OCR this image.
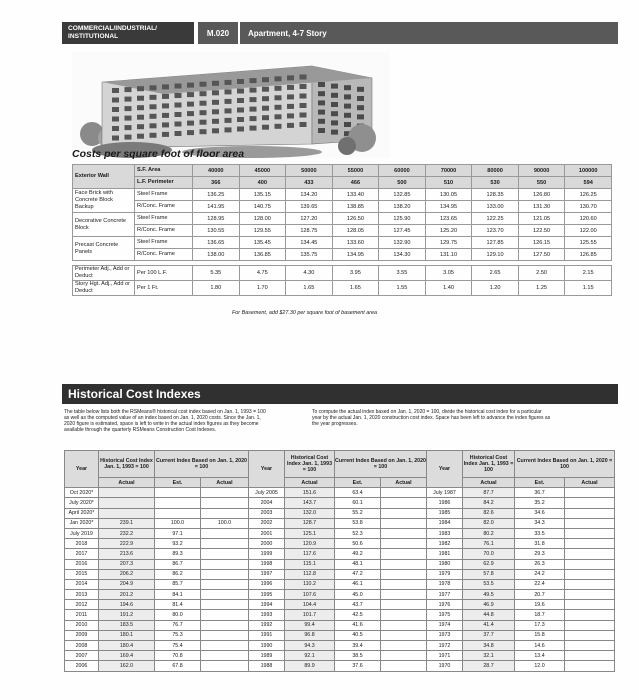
COMMERCIAL/INDUSTRIAL/ INSTITUTIONAL	M.020	Apartment, 4-7 Story
Costs per square foot of floor area
Exterior Wall	S.F. Area	40000	45000	50000	55000	60000	70000	80000	90000	100000
	L.F. Perimeter	366	400	433	466	500	510	530	550	594
Face Brick with Concrete Block Backup	Steel Frame	136.25	135.15	134.20	133.40	132.85	130.05	128.35	126.80	126.25
	R/Conc. Frame	141.95	140.75	139.65	138.85	138.20	134.95	133.00	131.30	130.70
Decorative Concrete Block	Steel Frame	128.95	128.00	127.20	126.50	125.90	123.65	122.25	121.05	120.60
	R/Conc. Frame	130.55	129.55	128.75	128.05	127.45	125.20	123.70	122.50	122.00
Precast Concrete Panels	Steel Frame	136.65	135.45	134.45	133.60	132.90	129.75	127.85	126.15	125.55
	R/Conc. Frame	138.00	136.85	135.75	134.95	134.30	131.10	129.10	127.50	126.85

Perimeter Adj., Add or Deduct	Per 100 L.F.	5.35	4.75	4.30	3.95	3.55	3.05	2.65	2.50	2.15
Story Hgt. Adj., Add or Deduct	Per 1 Ft.	1.80	1.70	1.65	1.65	1.55	1.40	1.20	1.25	1.15
For Basement, add $27.30 per square foot of basement area
Historical Cost Indexes
The table below lists both the RSMeans® historical cost index based on Jan. 1, 1993 = 100 as well as the computed value of an index based on Jan. 1, 2020 costs. Since the Jan. 1, 2020 figure is estimated, space is left to write in the actual index figures as they become available through the quarterly RSMeans Construction Cost Indexes.
To compute the actual index based on Jan. 1, 2020 = 100, divide the historical cost index for a particular year by the actual Jan. 1, 2020 construction cost index. Space has been left to advance the index figures as the year progresses.
Year	Historical Cost Index Jan. 1, 1993 = 100	Current Index Based on Jan. 1, 2020 = 100	
	Actual	Est.	Actual
Oct 2020*			
July 2020*			
April 2020*			
Jan 2020*	239.1	100.0	100.0
July 2019	232.2	97.1	
2018	222.9	93.2	
2017	213.6	89.3	
2016	207.3	86.7	
2015	206.2	86.2	
2014	204.9	85.7	
2013	201.2	84.1	
2012	194.6	81.4	
2011	191.2	80.0	
2010	183.5	76.7	
2009	180.1	75.3	
2008	180.4	75.4	
2007	169.4	70.8	
2006	162.0	67.8	
Year	Historical Cost Index Jan. 1, 1993 = 100	Current Index Based on Jan. 1, 2020 = 100	
	Actual	Est.	Actual
July 2005	151.6	63.4	
2004	143.7	60.1	
2003	132.0	55.2	
2002	128.7	53.8	
2001	125.1	52.3	
2000	120.9	50.6	
1999	117.6	49.2	
1998	115.1	48.1	
1997	112.8	47.2	
1996	110.2	46.1	
1995	107.6	45.0	
1994	104.4	43.7	
1993	101.7	42.5	
1992	99.4	41.6	
1991	96.8	40.5	
1990	94.3	39.4	
1989	92.1	38.5	
1988	89.9	37.6	
Year	Historical Cost Index Jan. 1, 1993 = 100	Current Index Based on Jan. 1, 2020 = 100	
	Actual	Est.	Actual
July 1987	87.7	36.7	
1986	84.2	35.2	
1985	82.6	34.6	
1984	82.0	34.3	
1983	80.2	33.5	
1982	76.1	31.8	
1981	70.0	29.3	
1980	62.9	26.3	
1979	57.8	24.2	
1978	53.5	22.4	
1977	49.5	20.7	
1976	46.9	19.6	
1975	44.8	18.7	
1974	41.4	17.3	
1973	37.7	15.8	
1972	34.8	14.6	
1971	32.1	13.4	
1970	28.7	12.0	
